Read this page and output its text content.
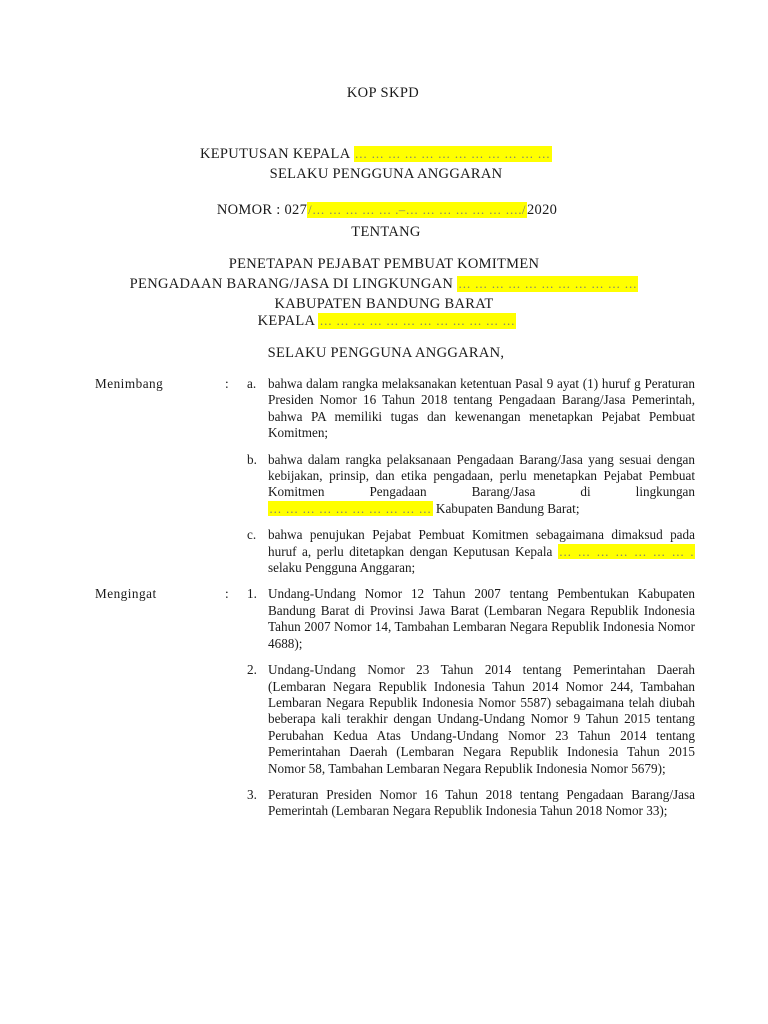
KOP SKPD
KEPUTUSAN KEPALA … … … … … … … … … … … …
SELAKU PENGGUNA ANGGARAN
NOMOR : 027/… … … … … .–… … … … … … …./2020
TENTANG
PENETAPAN PEJABAT PEMBUAT KOMITMEN
PENGADAAN BARANG/JASA DI LINGKUNGAN … … … … … … … … … … …
KABUPATEN BANDUNG BARAT
KEPALA … … … … … … … … … … … …
SELAKU PENGGUNA ANGGARAN,
Menimbang	:	a. bahwa dalam rangka melaksanakan ketentuan Pasal 9 ayat (1) huruf g Peraturan Presiden Nomor 16 Tahun 2018 tentang Pengadaan Barang/Jasa Pemerintah, bahwa PA memiliki tugas dan kewenangan menetapkan Pejabat Pembuat Komitmen;
b. bahwa dalam rangka pelaksanaan Pengadaan Barang/Jasa yang sesuai dengan kebijakan, prinsip, dan etika pengadaan, perlu menetapkan Pejabat Pembuat Komitmen Pengadaan Barang/Jasa di lingkungan … … … … … … … … … … Kabupaten Bandung Barat;
c. bahwa penujukan Pejabat Pembuat Komitmen sebagaimana dimaksud pada huruf a, perlu ditetapkan dengan Keputusan Kepala … … … … … … … . selaku Pengguna Anggaran;
Mengingat	:	1. Undang-Undang Nomor 12 Tahun 2007 tentang Pembentukan Kabupaten Bandung Barat di Provinsi Jawa Barat (Lembaran Negara Republik Indonesia Tahun 2007 Nomor 14, Tambahan Lembaran Negara Republik Indonesia Nomor 4688);
2. Undang-Undang Nomor 23 Tahun 2014 tentang Pemerintahan Daerah (Lembaran Negara Republik Indonesia Tahun 2014 Nomor 244, Tambahan Lembaran Negara Republik Indonesia Nomor 5587) sebagaimana telah diubah beberapa kali terakhir dengan Undang-Undang Nomor 9 Tahun 2015 tentang Perubahan Kedua Atas Undang-Undang Nomor 23 Tahun 2014 tentang Pemerintahan Daerah (Lembaran Negara Republik Indonesia Tahun 2015 Nomor 58, Tambahan Lembaran Negara Republik Indonesia Nomor 5679);
3. Peraturan Presiden Nomor 16 Tahun 2018 tentang Pengadaan Barang/Jasa Pemerintah (Lembaran Negara Republik Indonesia Tahun 2018 Nomor 33);
